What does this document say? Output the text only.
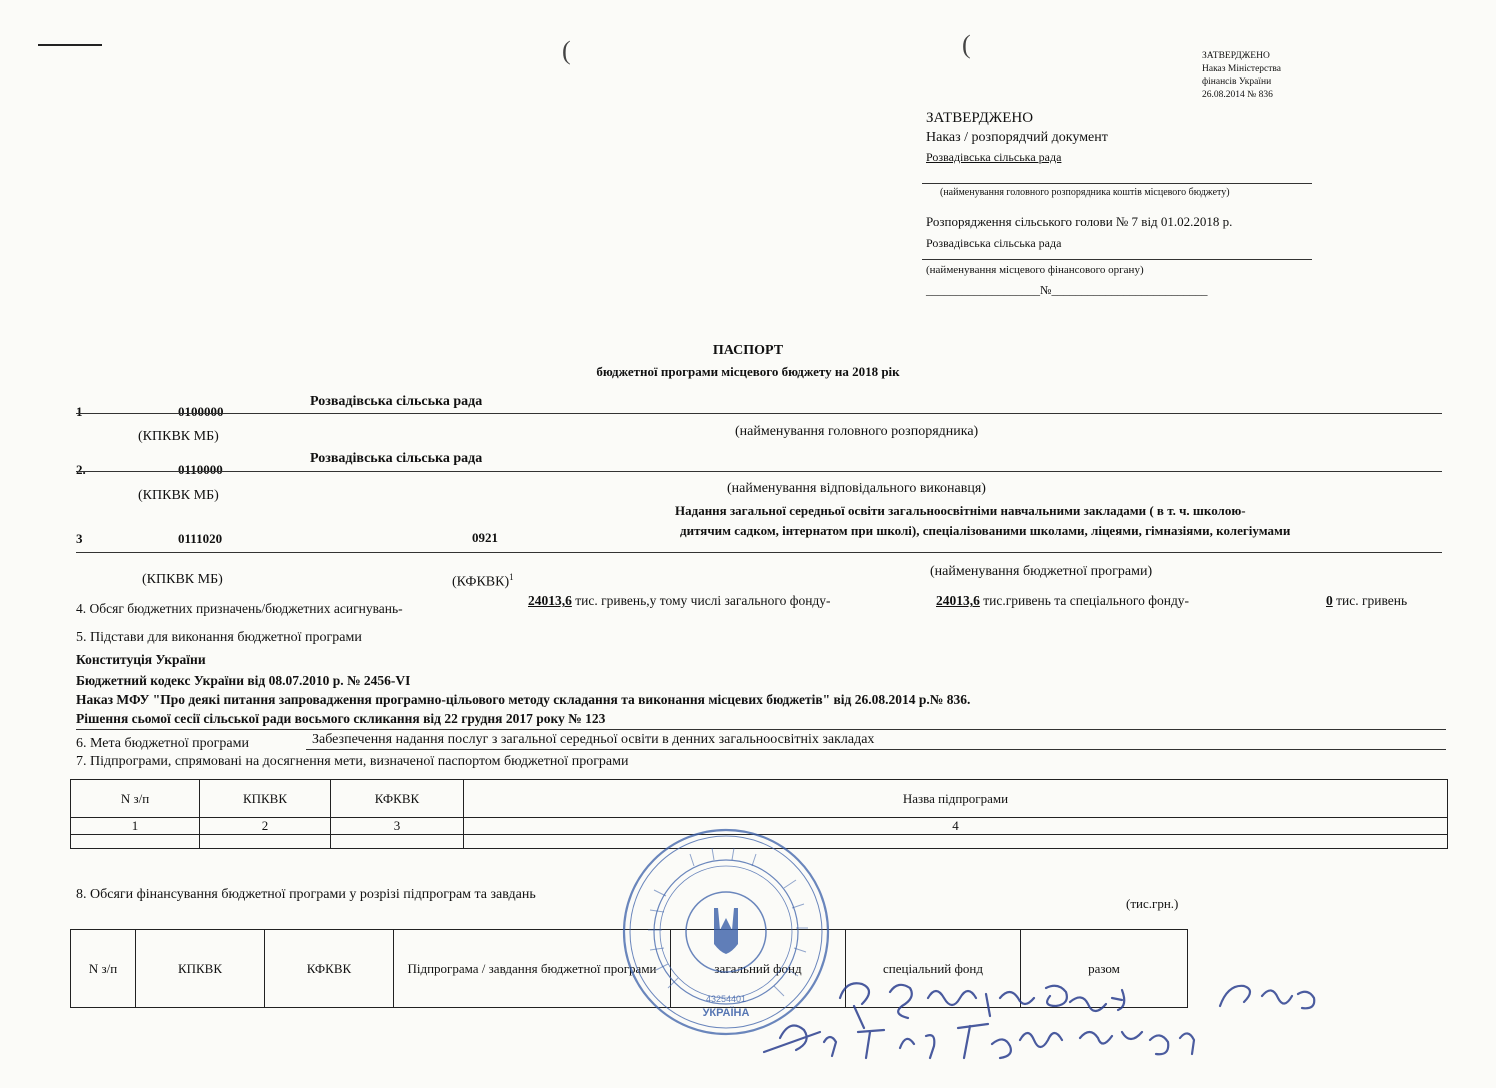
ЗАТВЕРДЖЕНО
Наказ Міністерства
фінансів України
26.08.2014 № 836
(	(
ЗАТВЕРДЖЕНО
Наказ / розпорядчий документ
Розвадівська сільська рада
(найменування головного розпорядника коштів місцевого бюджету)
Розпорядження сільського голови № 7 від 01.02.2018 р.
Розвадівська сільська рада
(найменування місцевого фінансового органу)
___________________№__________________________
ПАСПОРТ
бюджетної програми місцевого бюджету на 2018 рік
1	0100000
Розвадівська сільська рада
(КПКВК МБ)	(найменування головного розпорядника)
2.	0110000
Розвадівська сільська рада
(КПКВК МБ)	(найменування відповідального виконавця)
Надання загальної середньої освіти загальноосвітніми навчальними закладами ( в т. ч. школою-
3	0111020	0921	дитячим садком, інтернатом при школі), спеціалізованими школами, ліцеями, гімназіями, колегіумами
(КПКВК МБ)	(КФКВК)$^1$	(найменування бюджетної програми)
4. Обсяг бюджетних призначень/бюджетних асигнувань-
24013,6 тис. гривень,у тому числі загального фонду-	24013,6 тис.гривень та спеціального фонду-	0 тис. гривень
5. Підстави для виконання бюджетної програми
Конституція України
Бюджетний кодекс України від 08.07.2010 р. № 2456-VI
Наказ МФУ "Про деякі питання запровадження програмно-цільового методу складання та виконання місцевих бюджетів" від 26.08.2014 р.№ 836.
Рішення сьомої сесії сільської ради восьмого скликання від 22 грудня 2017 року № 123
6. Мета бюджетної програми	Забезпечення надання послуг з загальної середньої освіти в денних загальноосвітніх закладах
7. Підпрограми, спрямовані на досягнення мети, визначеної паспортом бюджетної програми
N з/п	КПКВК	КФКВК	Назва підпрограми
1	2	3	4

8. Обсяги фінансування бюджетної програми у розрізі підпрограм та завдань
(тис.грн.)
N з/п	КПКВК	КФКВК	Підпрограма / завдання бюджетної програми	загальний фонд	спеціальний фонд	разом
УКРАЇНА
43254401
